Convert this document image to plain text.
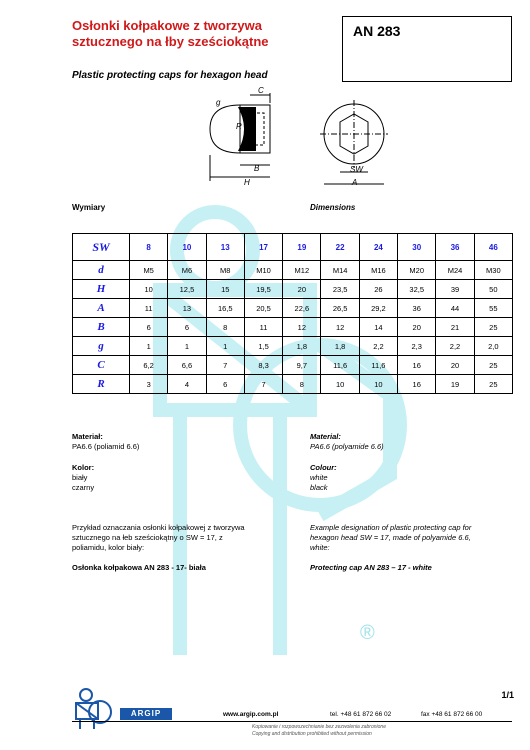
®
Osłonki kołpakowe z tworzywa
sztucznego na łby sześciokątne
AN 283
Plastic protecting caps for hexagon head
g
C
R
B
H
SW
A
Wymiary	Dimensions
SW	8	10	13	17	19	22	24	30	36	46
d	M5	M6	M8	M10	M12	M14	M16	M20	M24	M30
H	10	12,5	15	19,5	20	23,5	26	32,5	39	50
A	11	13	16,5	20,5	22,6	26,5	29,2	36	44	55
B	6	6	8	11	12	12	14	20	21	25
g	1	1	1	1,5	1,8	1,8	2,2	2,3	2,2	2,0
C	6,2	6,6	7	8,3	9,7	11,6	11,6	16	20	25
R	3	4	6	7	8	10	10	16	19	25
Materiał:
PA6.6 (poliamid 6.6)
Material:
PA6.6 (polyamide 6.6)
Kolor:
biały
czarny
Colour:
white
black
Przykład oznaczania osłonki kołpakowej z tworzywa
sztucznego na łeb sześciokątny o SW = 17, z
poliamidu, kolor biały:
Osłonka kołpakowa AN 283 - 17- biała
Example designation of plastic protecting cap for
hexagon head SW = 17, made of polyamide 6.6,
white:
Protecting cap AN 283 – 17 - white
1/1
ARGIP	www.argip.com.pl	tel. +48 61 872 66 02	fax +48 61 872 66 00
Kopiowanie i rozpowszechnianie bez zezwolenia zabronione
Copying and distribution prohibited without permission
